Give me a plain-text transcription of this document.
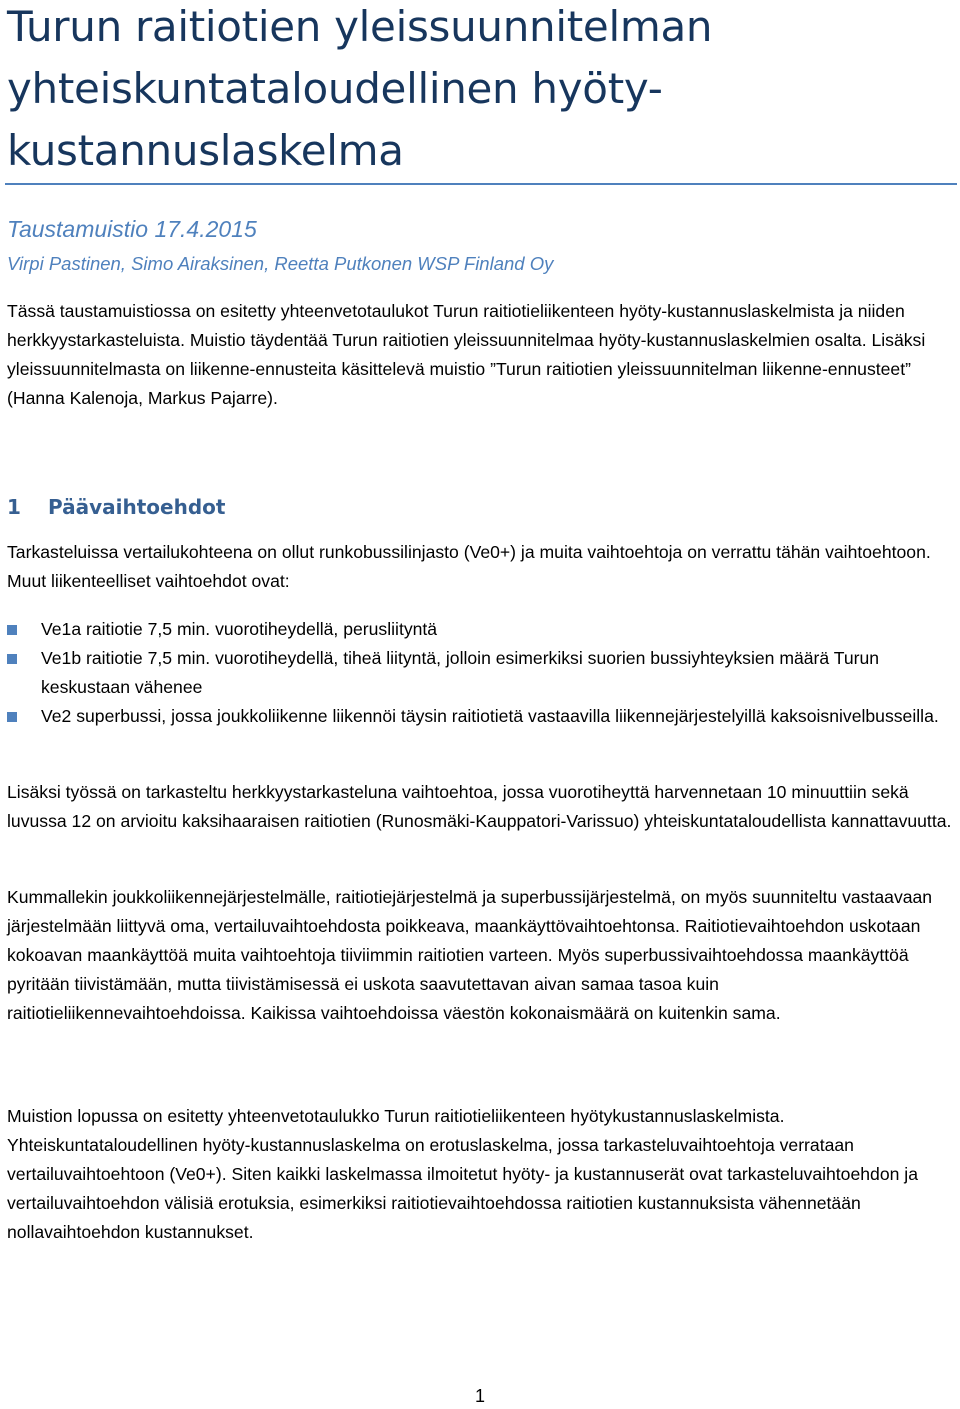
Turun raitiotien yleissuunnitelman yhteiskuntataloudellinen hyöty-kustannuslaskelma

Taustamuistio 17.4.2015

Virpi Pastinen, Simo Airaksinen, Reetta Putkonen WSP Finland Oy

Tässä taustamuistiossa on esitetty yhteenvetotaulukot Turun raitiotieliikenteen hyöty-kustannuslaskelmista ja niiden herkkyystarkasteluista. Muistio täydentää Turun raitiotien yleissuunnitelmaa hyöty-kustannuslaskelmien osalta. Lisäksi yleissuunnitelmasta on liikenne-ennusteita käsittelevä muistio ”Turun raitiotien yleissuunnitelman liikenne-ennusteet” (Hanna Kalenoja, Markus Pajarre).

1 Päävaihtoehdot

Tarkasteluissa vertailukohteena on ollut runkobussilinjasto (Ve0+) ja muita vaihtoehtoja on verrattu tähän vaihtoehtoon. Muut liikenteelliset vaihtoehdot ovat:

Ve1a raitiotie 7,5 min. vuorotiheydellä, perusliityntä
Ve1b raitiotie 7,5 min. vuorotiheydellä, tiheä liityntä, jolloin esimerkiksi suorien bussiyhteyksien määrä Turun keskustaan vähenee
Ve2 superbussi, jossa joukkoliikenne liikennöi täysin raitiotietä vastaavilla liikennejärjestelyillä kaksoisnivelbusseilla.

Lisäksi työssä on tarkasteltu herkkyystarkasteluna vaihtoehtoa, jossa vuorotiheyttä harvennetaan 10 minuuttiin sekä luvussa 12 on arvioitu kaksihaaraisen raitiotien (Runosmäki-Kauppatori-Varissuo) yhteiskuntataloudellista kannattavuutta.

Kummallekin joukkoliikennejärjestelmälle, raitiotiejärjestelmä ja superbussijärjestelmä, on myös suunniteltu vastaavaan järjestelmään liittyvä oma, vertailuvaihtoehdosta poikkeava, maankäyttövaihtoehtonsa. Raitiotievaihtoehdon uskotaan kokoavan maankäyttöä muita vaihtoehtoja tiiviimmin raitiotien varteen. Myös superbussivaihtoehdossa maankäyttöä pyritään tiivistämään, mutta tiivistämisessä ei uskota saavutettavan aivan samaa tasoa kuin raitiotieliikennevaihtoehdoissa. Kaikissa vaihtoehdoissa väestön kokonaismäärä on kuitenkin sama.

Muistion lopussa on esitetty yhteenvetotaulukko Turun raitiotieliikenteen hyötykustannuslaskelmista. Yhteiskuntataloudellinen hyöty-kustannuslaskelma on erotuslaskelma, jossa tarkasteluvaihtoehtoja verrataan vertailuvaihtoehtoon (Ve0+). Siten kaikki laskelmassa ilmoitetut hyöty- ja kustannuserät ovat tarkasteluvaihtoehdon ja vertailuvaihtoehdon välisiä erotuksia, esimerkiksi raitiotievaihtoehdossa raitiotien kustannuksista vähennetään nollavaihtoehdon kustannukset.

1
